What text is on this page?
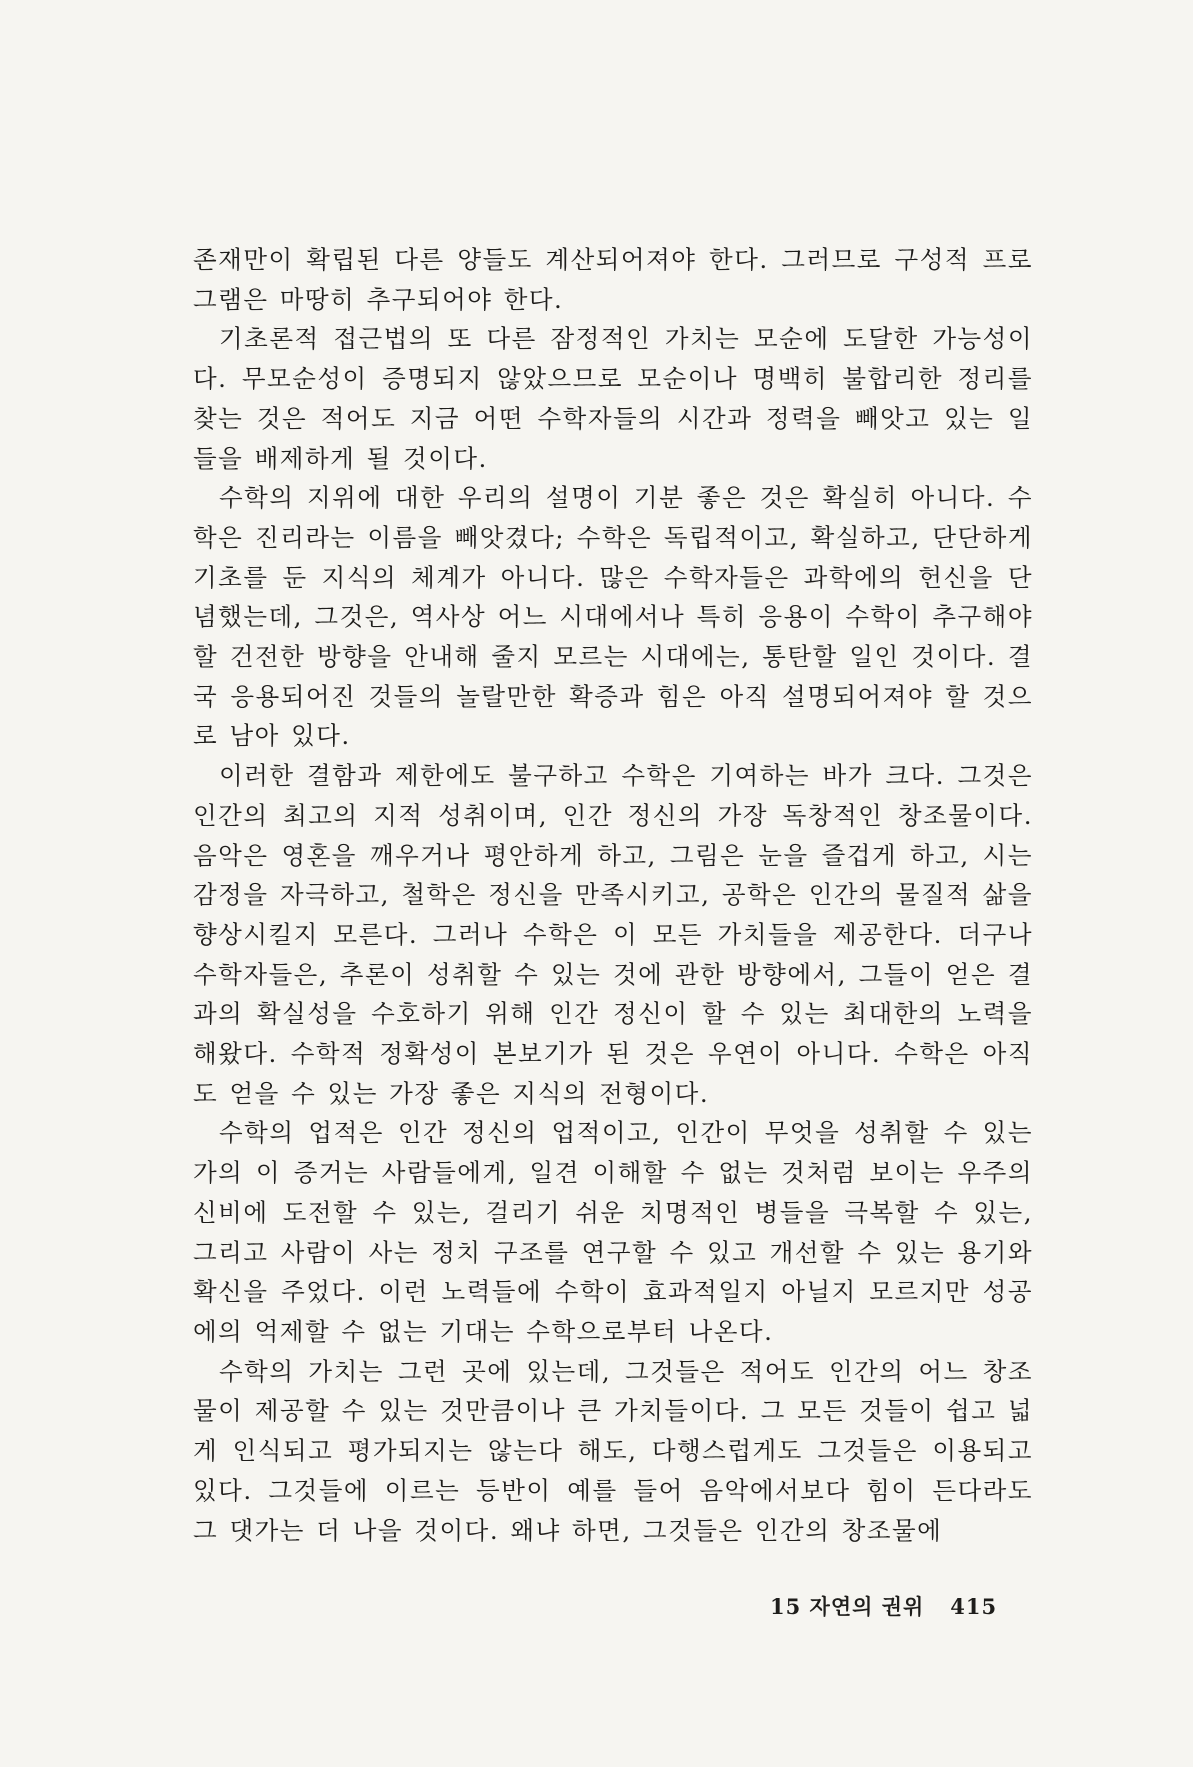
존재만이 확립된 다른 양들도 계산되어져야 한다. 그러므로 구성적 프로그램은 마땅히 추구되어야 한다.

기초론적 접근법의 또 다른 잠정적인 가치는 모순에 도달한 가능성이다. 무모순성이 증명되지 않았으므로 모순이나 명백히 불합리한 정리를 찾는 것은 적어도 지금 어떤 수학자들의 시간과 정력을 빼앗고 있는 일들을 배제하게 될 것이다.

수학의 지위에 대한 우리의 설명이 기분 좋은 것은 확실히 아니다. 수학은 진리라는 이름을 빼앗겼다; 수학은 독립적이고, 확실하고, 단단하게 기초를 둔 지식의 체계가 아니다. 많은 수학자들은 과학에의 헌신을 단념했는데, 그것은, 역사상 어느 시대에서나 특히 응용이 수학이 추구해야 할 건전한 방향을 안내해 줄지 모르는 시대에는, 통탄할 일인 것이다. 결국 응용되어진 것들의 놀랄만한 확증과 힘은 아직 설명되어져야 할 것으로 남아 있다.

이러한 결함과 제한에도 불구하고 수학은 기여하는 바가 크다. 그것은 인간의 최고의 지적 성취이며, 인간 정신의 가장 독창적인 창조물이다. 음악은 영혼을 깨우거나 평안하게 하고, 그림은 눈을 즐겁게 하고, 시는 감정을 자극하고, 철학은 정신을 만족시키고, 공학은 인간의 물질적 삶을 향상시킬지 모른다. 그러나 수학은 이 모든 가치들을 제공한다. 더구나 수학자들은, 추론이 성취할 수 있는 것에 관한 방향에서, 그들이 얻은 결과의 확실성을 수호하기 위해 인간 정신이 할 수 있는 최대한의 노력을 해왔다. 수학적 정확성이 본보기가 된 것은 우연이 아니다. 수학은 아직도 얻을 수 있는 가장 좋은 지식의 전형이다.

수학의 업적은 인간 정신의 업적이고, 인간이 무엇을 성취할 수 있는가의 이 증거는 사람들에게, 일견 이해할 수 없는 것처럼 보이는 우주의 신비에 도전할 수 있는, 걸리기 쉬운 치명적인 병들을 극복할 수 있는, 그리고 사람이 사는 정치 구조를 연구할 수 있고 개선할 수 있는 용기와 확신을 주었다. 이런 노력들에 수학이 효과적일지 아닐지 모르지만 성공에의 억제할 수 없는 기대는 수학으로부터 나온다.

수학의 가치는 그런 곳에 있는데, 그것들은 적어도 인간의 어느 창조물이 제공할 수 있는 것만큼이나 큰 가치들이다. 그 모든 것들이 쉽고 넓게 인식되고 평가되지는 않는다 해도, 다행스럽게도 그것들은 이용되고 있다. 그것들에 이르는 등반이 예를 들어 음악에서보다 힘이 든다라도 그 댓가는 더 나을 것이다. 왜냐 하면, 그것들은 인간의 창조물에

15 자연의 권위 415
